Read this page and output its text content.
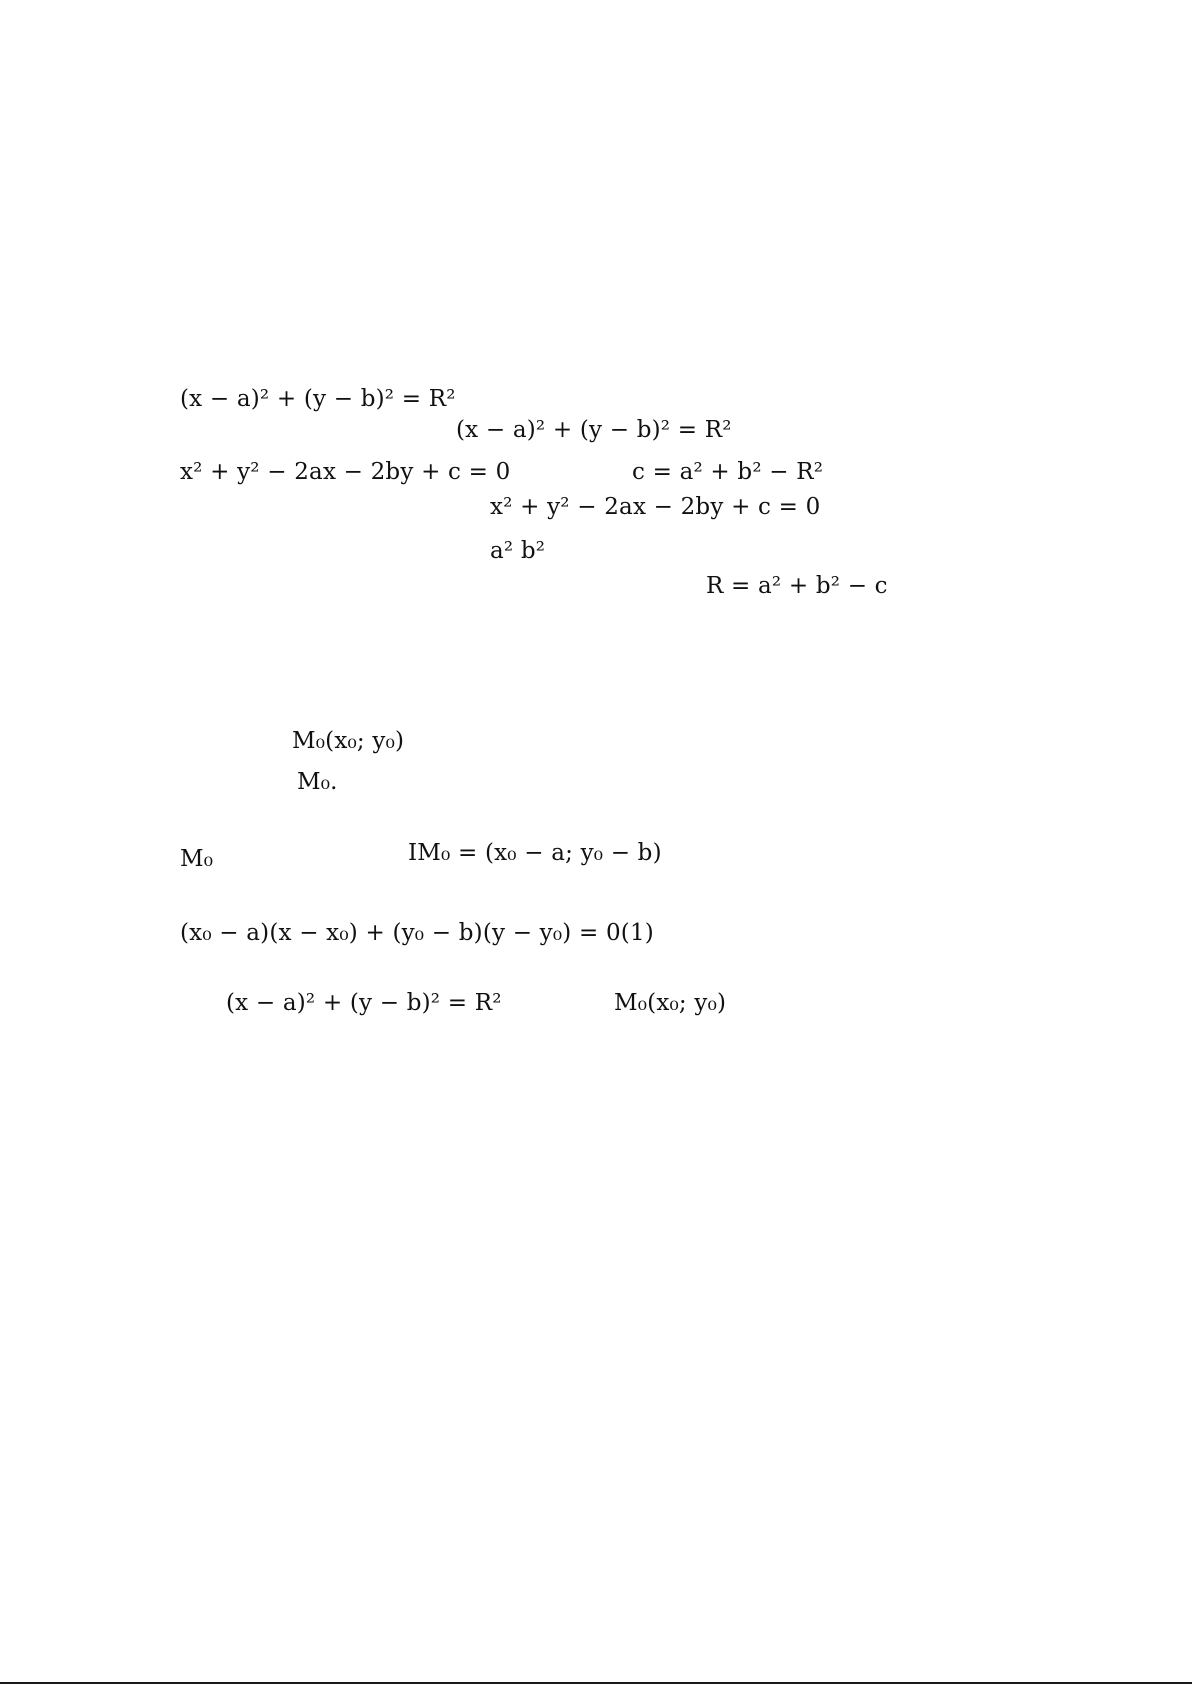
(x − a)² + (y − b)² = R²
(x − a)² + (y − b)² = R²
x² + y² − 2ax − 2by + c = 0	c = a² + b² − R²
x² + y² − 2ax − 2by + c = 0
a² b²
R = a² + b² − c
M₀(x₀; y₀)
M₀.
M₀	IM₀ = (x₀ − a; y₀ − b)
(x₀ − a)(x − x₀) + (y₀ − b)(y − y₀) = 0(1)
(x − a)² + (y − b)² = R²	M₀(x₀; y₀)
